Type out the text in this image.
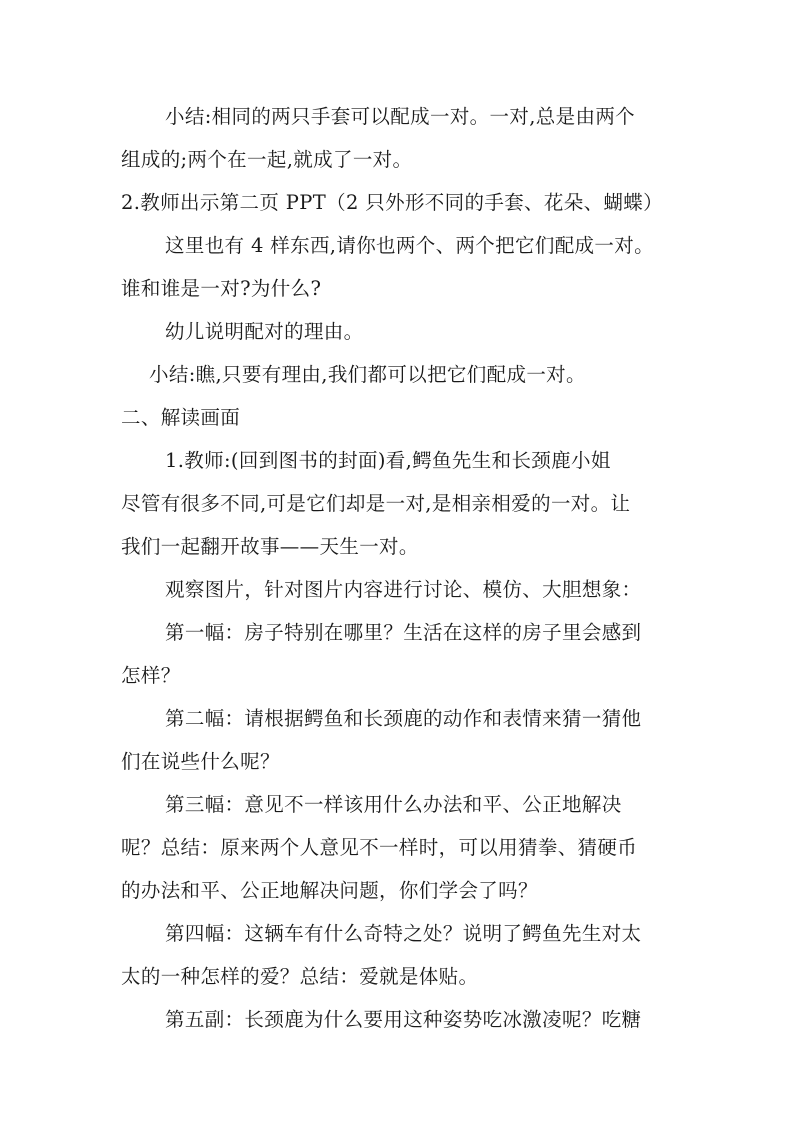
小结:相同的两只手套可以配成一对。一对,总是由两个
组成的;两个在一起,就成了一对。
2.教师出示第二页 PPT（2 只外形不同的手套、花朵、蝴蝶）
这里也有 4 样东西,请你也两个、两个把它们配成一对。
谁和谁是一对?为什么?
幼儿说明配对的理由。
小结:瞧,只要有理由,我们都可以把它们配成一对。
二、解读画面
1.教师:(回到图书的封面)看,鳄鱼先生和长颈鹿小姐
尽管有很多不同,可是它们却是一对,是相亲相爱的一对。让
我们一起翻开故事——天生一对。
观察图片，针对图片内容进行讨论、模仿、大胆想象：
第一幅：房子特别在哪里？生活在这样的房子里会感到
怎样？
第二幅：请根据鳄鱼和长颈鹿的动作和表情来猜一猜他
们在说些什么呢？
第三幅：意见不一样该用什么办法和平、公正地解决
呢？总结：原来两个人意见不一样时，可以用猜拳、猜硬币
的办法和平、公正地解决问题，你们学会了吗？
第四幅：这辆车有什么奇特之处？说明了鳄鱼先生对太
太的一种怎样的爱？总结：爱就是体贴。
第五副：长颈鹿为什么要用这种姿势吃冰激凌呢？吃糖
